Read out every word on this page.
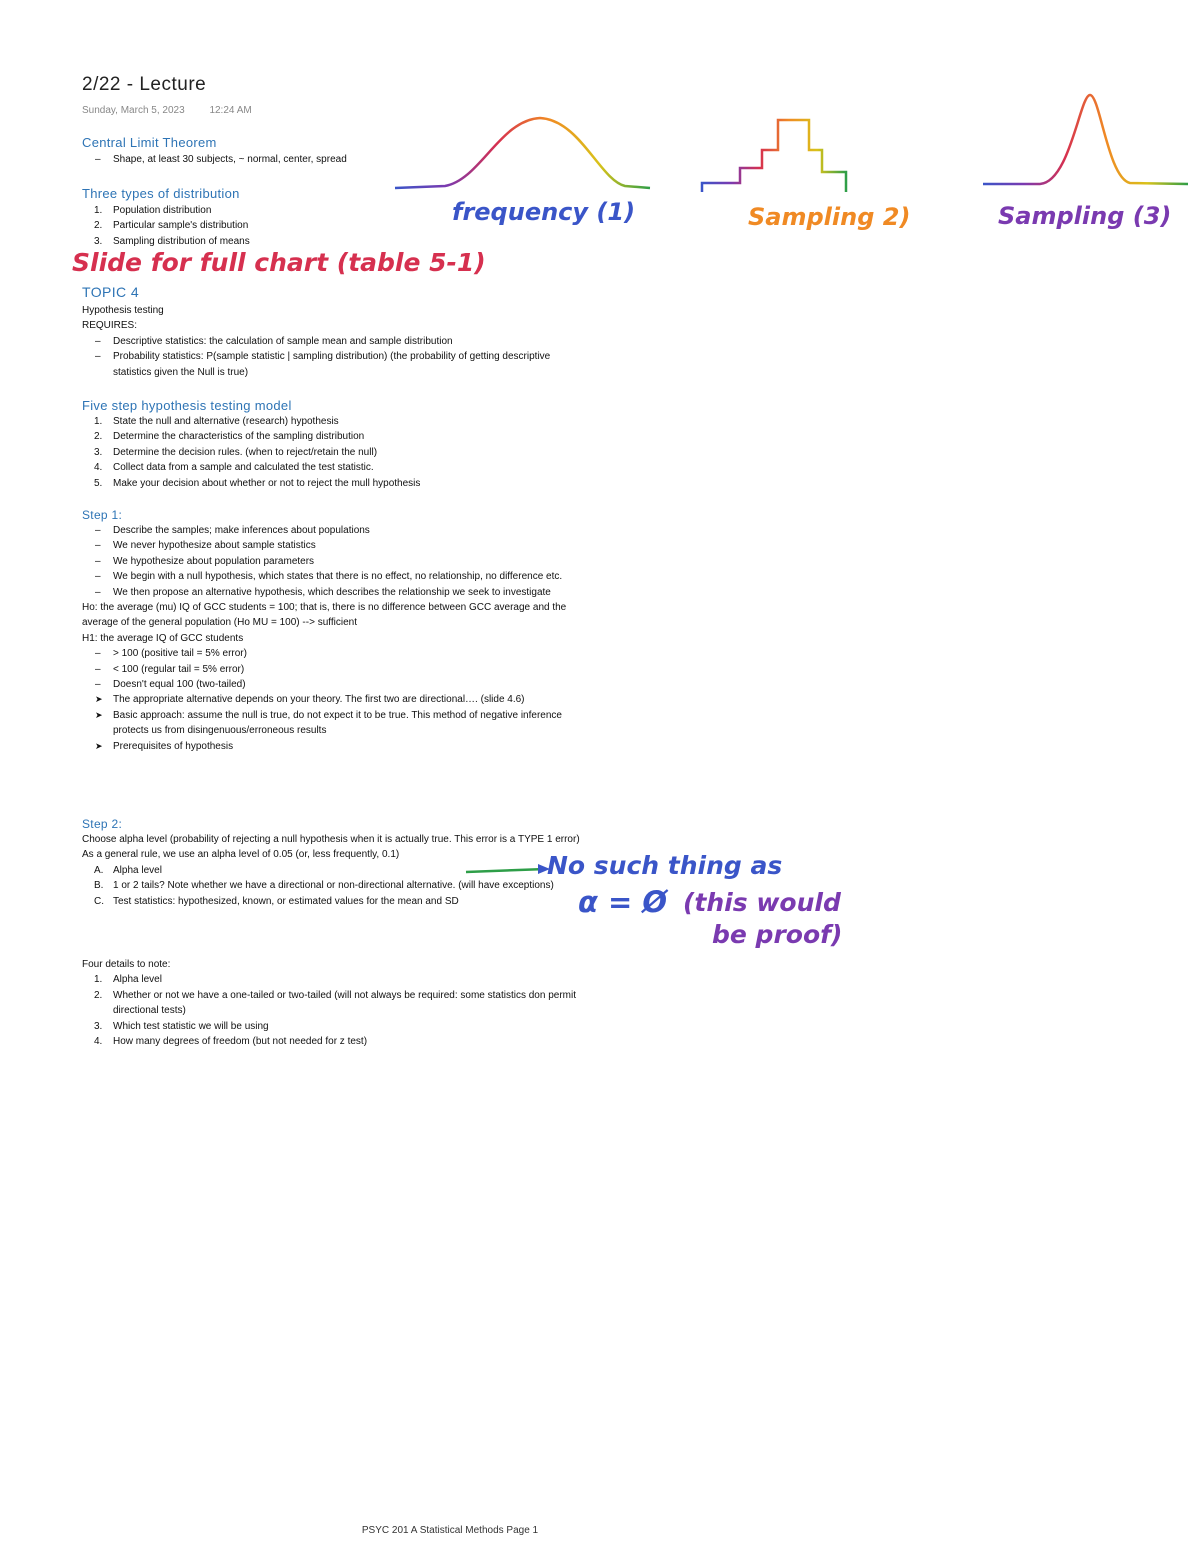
2/22 - Lecture
Sunday, March 5, 2023 12:24 AM
Central Limit Theorem
– Shape, at least 30 subjects, ~ normal, center, spread
Three types of distribution
1. Population distribution
2. Particular sample's distribution
3. Sampling distribution of means
Slide for full chart (table 5-1)
frequency (1)	Sampling 2)	Sampling (3)
TOPIC 4
Hypothesis testing
REQUIRES:
– Descriptive statistics: the calculation of sample mean and sample distribution
– Probability statistics: P(sample statistic | sampling distribution) (the probability of getting descriptive statistics given the Null is true)
Five step hypothesis testing model
1. State the null and alternative (research) hypothesis
2. Determine the characteristics of the sampling distribution
3. Determine the decision rules. (when to reject/retain the null)
4. Collect data from a sample and calculated the test statistic.
5. Make your decision about whether or not to reject the mull hypothesis
Step 1:
– Describe the samples; make inferences about populations
– We never hypothesize about sample statistics
– We hypothesize about population parameters
– We begin with a null hypothesis, which states that there is no effect, no relationship, no difference etc.
– We then propose an alternative hypothesis, which describes the relationship we seek to investigate
Ho: the average (mu) IQ of GCC students = 100; that is, there is no difference between GCC average and the average of the general population (Ho MU = 100) --> sufficient
H1: the average IQ of GCC students
– > 100 (positive tail = 5% error)
– < 100 (regular tail = 5% error)
– Doesn't equal 100 (two-tailed)
➤ The appropriate alternative depends on your theory. The first two are directional…. (slide 4.6)
➤ Basic approach: assume the null is true, do not expect it to be true. This method of negative inference protects us from disingenuous/erroneous results
➤ Prerequisites of hypothesis
Step 2:
Choose alpha level (probability of rejecting a null hypothesis when it is actually true. This error is a TYPE 1 error)
As a general rule, we use an alpha level of 0.05 (or, less frequently, 0.1)
A. Alpha level
B. 1 or 2 tails? Note whether we have a directional or non-directional alternative. (will have exceptions)
C. Test statistics: hypothesized, known, or estimated values for the mean and SD
Four details to note:
1. Alpha level
2. Whether or not we have a one-tailed or two-tailed (will not always be required: some statistics don permit directional tests)
3. Which test statistic we will be using
4. How many degrees of freedom (but not needed for z test)
No such thing as
α = Ø (this would
be proof)
PSYC 201 A Statistical Methods Page 1
